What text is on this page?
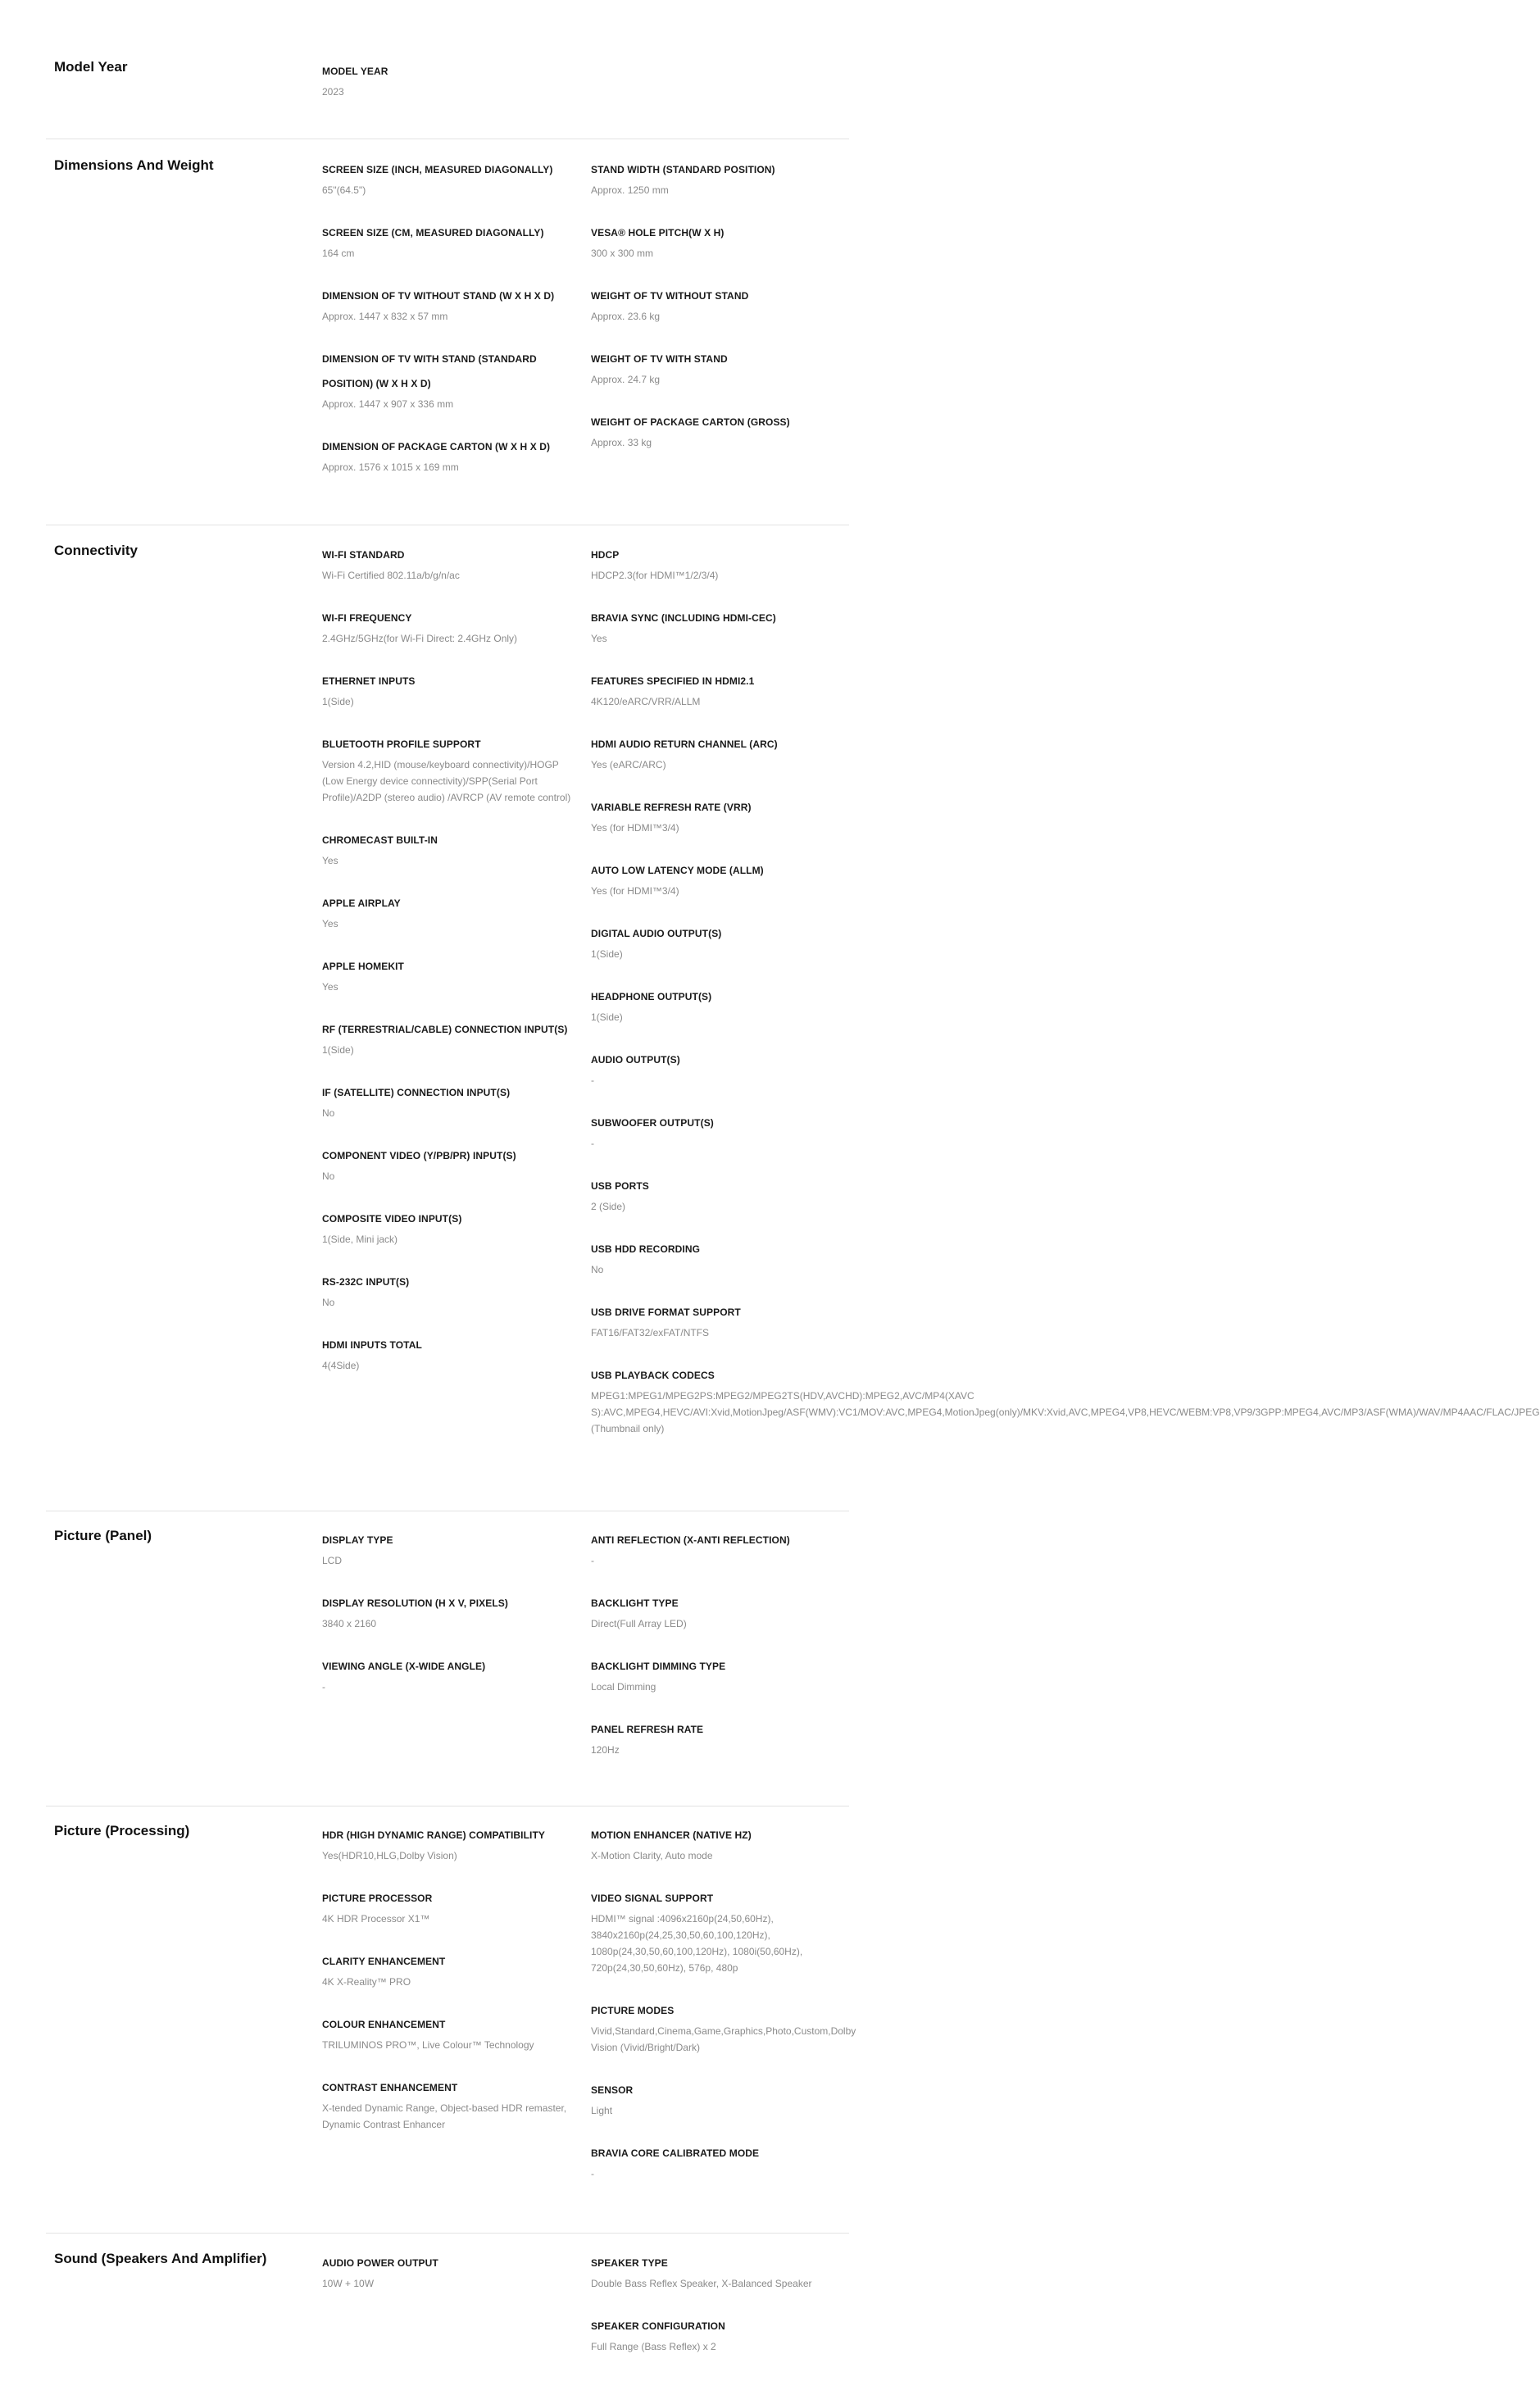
Model Year	MODEL YEAR
2023
Dimensions And Weight	SCREEN SIZE (INCH, MEASURED DIAGONALLY)
65"(64.5")
SCREEN SIZE (CM, MEASURED DIAGONALLY)
164 cm
DIMENSION OF TV WITHOUT STAND (W X H X D)
Approx. 1447 x 832 x 57 mm
DIMENSION OF TV WITH STAND (STANDARD POSITION) (W X H X D)
Approx. 1447 x 907 x 336 mm
DIMENSION OF PACKAGE CARTON (W X H X D)
Approx. 1576 x 1015 x 169 mm
STAND WIDTH (STANDARD POSITION)
Approx. 1250 mm
VESA® HOLE PITCH(W X H)
300 x 300 mm
WEIGHT OF TV WITHOUT STAND
Approx. 23.6 kg
WEIGHT OF TV WITH STAND
Approx. 24.7 kg
WEIGHT OF PACKAGE CARTON (GROSS)
Approx. 33 kg
Connectivity	WI-FI STANDARD
Wi-Fi Certified 802.11a/b/g/n/ac
WI-FI FREQUENCY
2.4GHz/5GHz(for Wi-Fi Direct: 2.4GHz Only)
ETHERNET INPUTS
1(Side)
BLUETOOTH PROFILE SUPPORT
Version 4.2,HID (mouse/keyboard connectivity)/HOGP (Low Energy device connectivity)/SPP(Serial Port Profile)/A2DP (stereo audio) /AVRCP (AV remote control)
CHROMECAST BUILT-IN
Yes
APPLE AIRPLAY
Yes
APPLE HOMEKIT
Yes
RF (TERRESTRIAL/CABLE) CONNECTION INPUT(S)
1(Side)
IF (SATELLITE) CONNECTION INPUT(S)
No
COMPONENT VIDEO (Y/PB/PR) INPUT(S)
No
COMPOSITE VIDEO INPUT(S)
1(Side, Mini jack)
RS-232C INPUT(S)
No
HDMI INPUTS TOTAL
4(4Side)
HDCP
HDCP2.3(for HDMI™1/2/3/4)
BRAVIA SYNC (INCLUDING HDMI-CEC)
Yes
FEATURES SPECIFIED IN HDMI2.1
4K120/eARC/VRR/ALLM
HDMI AUDIO RETURN CHANNEL (ARC)
Yes (eARC/ARC)
VARIABLE REFRESH RATE (VRR)
Yes (for HDMI™3/4)
AUTO LOW LATENCY MODE (ALLM)
Yes (for HDMI™3/4)
DIGITAL AUDIO OUTPUT(S)
1(Side)
HEADPHONE OUTPUT(S)
1(Side)
AUDIO OUTPUT(S)
-
SUBWOOFER OUTPUT(S)
-
USB PORTS
2 (Side)
USB HDD RECORDING
No
USB DRIVE FORMAT SUPPORT
FAT16/FAT32/exFAT/NTFS
USB PLAYBACK CODECS
MPEG1:MPEG1/MPEG2PS:MPEG2/MPEG2TS(HDV,AVCHD):MPEG2,AVC/MP4(XAVC S):AVC,MPEG4,HEVC/AVI:Xvid,MotionJpeg/ASF(WMV):VC1/MOV:AVC,MPEG4,MotionJpeg(only)/MKV:Xvid,AVC,MPEG4,VP8,HEVC/WEBM:VP8,VP9/3GPP:MPEG4,AVC/MP3/ASF(WMA)/WAV/MP4AAC/FLAC/JPEG (Thumbnail only)
Picture (Panel)	DISPLAY TYPE
LCD
DISPLAY RESOLUTION (H X V, PIXELS)
3840 x 2160
VIEWING ANGLE (X-WIDE ANGLE)
-
ANTI REFLECTION (X-ANTI REFLECTION)
-
BACKLIGHT TYPE
Direct(Full Array LED)
BACKLIGHT DIMMING TYPE
Local Dimming
PANEL REFRESH RATE
120Hz
Picture (Processing)	HDR (HIGH DYNAMIC RANGE) COMPATIBILITY
Yes(HDR10,HLG,Dolby Vision)
PICTURE PROCESSOR
4K HDR Processor X1™
CLARITY ENHANCEMENT
4K X-Reality™ PRO
COLOUR ENHANCEMENT
TRILUMINOS PRO™, Live Colour™ Technology
CONTRAST ENHANCEMENT
X-tended Dynamic Range, Object-based HDR remaster, Dynamic Contrast Enhancer
MOTION ENHANCER (NATIVE HZ)
X-Motion Clarity, Auto mode
VIDEO SIGNAL SUPPORT
HDMI™ signal :4096x2160p(24,50,60Hz), 3840x2160p(24,25,30,50,60,100,120Hz), 1080p(24,30,50,60,100,120Hz), 1080i(50,60Hz), 720p(24,30,50,60Hz), 576p, 480p
PICTURE MODES
Vivid,Standard,Cinema,Game,Graphics,Photo,Custom,Dolby Vision (Vivid/Bright/Dark)
SENSOR
Light
BRAVIA CORE CALIBRATED MODE
-
Sound (Speakers And Amplifier)	AUDIO POWER OUTPUT
10W + 10W
SPEAKER TYPE
Double Bass Reflex Speaker, X-Balanced Speaker
SPEAKER CONFIGURATION
Full Range (Bass Reflex) x 2
